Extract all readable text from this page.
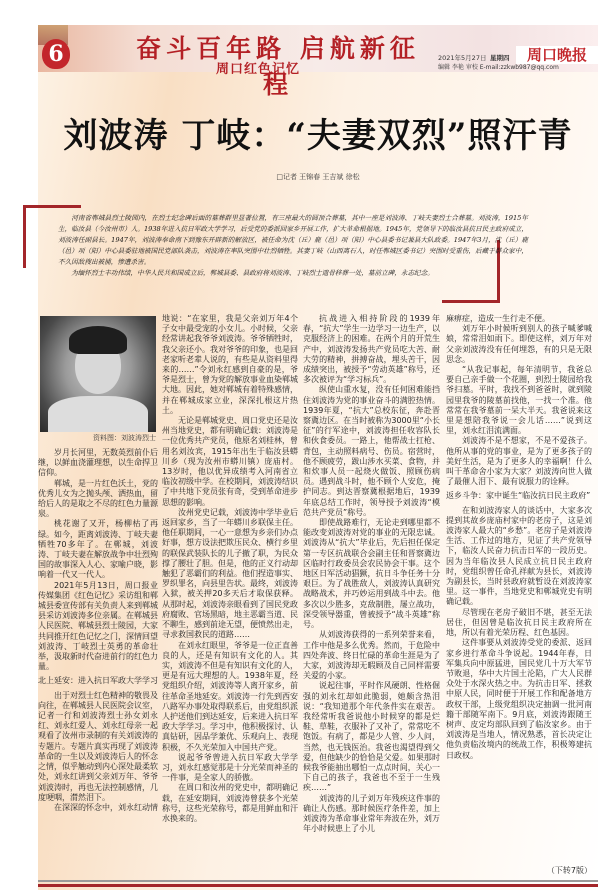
6	奋斗百年路 启航新征程
周口红色记忆
2021年5月27日 星期四	周口晚报
编辑 李艳 审校 E-mail:zzkwb987@qq.com
刘波涛 丁岐：“夫妻双烈”照汗青
□记者 王锦春 王吉斌 徐松

河南省郸城县烈士陵园内，在烈士纪念碑后面的墓葬群里显著位置，有三座最大的圆顶合葬墓，其中一座是刘波涛、丁岐夫妻烈士合葬墓。刘波涛，1915年生，临汝县（今汝州市）人。1938年进入抗日军政大学学习，后受党的委派回家乡开展工作，扩大革命根据地。1945年，党领导下的临汝县抗日民主政府成立，刘波涛任副县长。1947年，刘波涛奉命南下到豫东开辟新的解放区，被任命为沈（丘）鹿（邑）项（阳）中心县委书记兼县大队政委。1947年3月，沈（丘）鹿（邑）项（阳）中心县委驻地被国民党部队袭击，刘波涛在率队突围中壮烈牺牲。其妻丁岐（山西离石人，时任郸城区委书记）突围时受重伤，后藏于群众家中，不久因敌搜出被捕，惨遭杀害。

为缅怀烈士丰功伟绩，中华人民共和国成立后，郸城县委、县政府将刘波涛、丁岐烈士遗骨移葬一处，墓前立碑，永志纪念。

资料图：刘波涛烈士

岁月长河里，无数英烈前仆后继，以鲜血浇灌理想，以生命捍卫信仰。

郸城，是一片红色沃土，党的优秀儿女为之抛头颅、洒热血，留给后人的是取之不尽的红色力量源泉。

桃花谢了又开，杨柳枯了再绿。如今，距离刘波涛、丁岐夫妻牺牲70多年了。在郸城，刘波涛、丁岐夫妻在解放战争中壮烈殉国的故事深入人心、家喻户晓，影响着一代又一代人。

2021年5月13日，周口报业传媒集团《红色记忆》采访组和郸城县委宣传部有关负责人来到郸城县采访刘波涛多位亲属。在郸城县人民医院、郸城县烈士陵园，大家共同推开红色记忆之门，深情回望刘波涛、丁岐烈士英勇的革命壮举，汲取新时代奋进前行的红色力量。

北上延安：进入抗日军政大学学习

出于对烈士红色精神的敬畏及向往，在郸城县人民医院会议室，记者一行和刘波涛烈士孙女刘永红、刘永红爱人、刘永红母亲一起观看了汝州市录制的有关刘波涛的专题片。专题片真实再现了刘波涛革命的一生以及刘波涛后人的怀念之情，似乎触动到内心深处最柔软处，刘永红讲到父亲刘万年、爷爷刘波涛时，再也无法控制感情，几度哽咽，潸然泪下。

在深深的怀念中，刘永红动情

地说：“在家里，我是父亲刘万年4个子女中最受宠的小女儿。小时候，父亲经常讲起我爷爷刘波涛。爷爷牺牲时，我父亲还小。我对爷爷的印象，也是回老家听老辈人说的，有些是从资料里得来的……”令刘永红感到自豪的是，爷爷是烈士，曾为党的解放事业血染郸城大地。因此，她对郸城有着特殊感情，并在郸城成家立业，深深扎根这片热土。

无论是郸城党史、周口党史还是汝州当地党史，都有明确记载：刘波涛是一位优秀共产党员，他原名刘桂林，曾用名刘汝宾，1915年出生于临汝县蟒川乡（现为汝州市蟒川镇）庞庙村。13岁时，他以优异成绩考入河南省立临汝初级中学。在校期间，刘波涛结识了中共地下党员张有奇，受到革命进步思想的影响。

汝州党史记载，刘波涛中学毕业后返回家乡，当了一年蟒川乡联保主任。他任职期间，一心一意想为乡亲们办点好事，想方设法把欺压民众、横行乡里的联保武装队长的儿子撤了职，为民众撑了腰壮了胆。但是，他的正义行动却触犯了恶霸们的利益。他们捏造事实、罗织罪名，向县里告状。最终，刘波涛入狱，被关押20多天后才取保获释。从那时起，刘波涛亲眼看到了国民党政府腐败、官场黑暗，地主恶霸当道、民不聊生，感到前途无望，便愤然出走，寻求救国救民的道路……

在刘永红眼里，爷爷是一位正直善良的人，还是有知识有文化的人。其实，刘波涛不但是有知识有文化的人，更是有远大理想的人。1938年夏，经党组织介绍，刘波涛等人离开家乡，前往革命圣地延安。刘波涛一行先到西安八路军办事处取得联系后，由党组织派人护送他们到达延安，后来进入抗日军政大学学习。学习中，他积极探讨、认真钻研，因品学兼优、乐观向上、表现积极，不久光荣加入中国共产党。

说起爷爷曾进入抗日军政大学学习，刘永红感觉那是十分光荣而神圣的一件事，是全家人的骄傲。

在周口和汝州的党史中，都明确记载，在延安期间，刘波涛曾获多个光荣称号，这些光荣称号，都是用鲜血和汗水换来的。

抗战进入相持阶段的1939年春，“抗大”学生一边学习一边生产，以克服经济上的困难。在两个月的开荒生产中，刘波涛发扬共产党员吃大苦、耐大劳的精神，拼搏奋战，埋头苦干，因成绩突出，被授予“劳动英雄”称号，还多次被评为“学习标兵”。

纵使山重水复，没有任何困难能挡住刘波涛为党的事业奋斗的满腔热情。1939年夏，“抗大”总校东征，奔赴晋察冀边区。在当时被称为3000里“小长征”的行军途中，刘波涛担任收容队长和伙食委员。一路上，他帮战士扛枪、背包，主动照料病号、伤员。宿营时，他不顾疲劳，跋山涉水买菜、食物，并和炊事人员一起烧火做饭、照顾伤病员。遇到战斗时，他不顾个人安危，掩护同志。到达晋察冀根据地后，1939年底总结工作时，领导授予刘波涛“模范共产党员”称号。

即使战路难行，无论走到哪里都不能改变刘波涛对党的事业的无限忠诚。刘波涛从“抗大”毕业后，先后担任保定第一专区抗战联合会副主任和晋察冀边区临时行政委员会农民协会干事。这个地区日军活动猖獗，抗日斗争任务十分艰巨。为了战胜敌人，刘波涛认真研究战略战术，并巧妙运用到战斗中去。他多次以少胜多，克敌制胜，屡立战功，深受领导器重，曾被授予“战斗英雄”称号。

从刘波涛获得的一系列荣誉来看，工作中他是多么优秀。然而，于危险中四处奔波、终日忙碌的革命生涯是为了大家，刘波涛却无暇顾及自己同样需要关爱的小家。

说起往事，平时作风硬朗、性格倔强的刘永红却如此脆弱，她颇含热泪说：“我知道那个年代条件实在艰苦。我经常听我爸说他小时候穿的都是烂鞋、草鞋，衣服补了又补了，常常吃不饱饭。有病了，都是少人管、少人问，当然，也无钱医治。我爸也渴望得到父爱，但他缺少的恰恰是父爱。如果那时候我爷能抽出哪怕一点点时间，关心一下自己的孩子，我爸也不至于一生残疾……”

刘波涛的儿子刘万年残疾这件事的确让人伤感。那时候医疗条件差，加上刘波涛为革命事业常年奔波在外，刘万年小时候患上了小儿

麻痹症，造成一生行走不便。

刘万年小时候听到别人的孩子喊爹喊娘，常常泪如雨下。即使这样，刘万年对父亲刘波涛没有任何埋怨，有的只是无限思念。

“从我记事起，每年清明节，我爸总要自己亲手做一个花圈，到烈士陵园给我爷扫墓。平时，我找不到爸爸时，就到陵园里我爷的陵墓前找他，一找一个准。他常常在我爷墓前一呆大半天。我爸说来这里是想陪我爷说一会儿话……”说到这里，刘永红泪流满面。

刘波涛不是不想家，不是不爱孩子。他所从事的党的事业，是为了更多孩子的美好生活，是为了更多人的幸福啊！什么叫干革命舍小家为大家？刘波涛向世人做了最催人泪下、最有说服力的诠释。

返乡斗争：家中诞生“临汝抗日民主政府”

在和刘波涛家人的谈话中，大家多次提到其故乡庞庙村家中的老房子，这是刘波涛家人最大的“乡愁”。老房子是刘波涛生活、工作过的地方，见证了共产党领导下，临汝人民奋力抗击日军的一段历史。因为当年临汝县人民成立抗日民主政府时，党组织曾任命孔祥献为县长，刘波涛为副县长，当时县政府就暂设在刘波涛家里。这一事件，当地党史和郸城党史有明确记载。

尽管现在老房子破旧不堪，甚至无法居住，但因曾是临汝抗日民主政府所在地，所以有着光荣历程、红色基因。

这件事要从刘波涛受党的委派、返回家乡进行革命斗争说起。1944年春，日军集兵向中原猛进，国民党几十万大军节节败退，华中大片国土沦陷，广大人民群众处于水深火热之中。为抗击日军、拯救中原人民，同时便于开展工作和配备地方政权干部，上级党组织决定抽调一批河南籍干部随军南下。9月底，刘波涛跟随王树声、皮定均部队回到了临汝家乡。由于刘波涛是当地人，情况熟悉，首长决定让他负责临汝境内的统战工作，积极筹建抗日政权。

（下转7版）
